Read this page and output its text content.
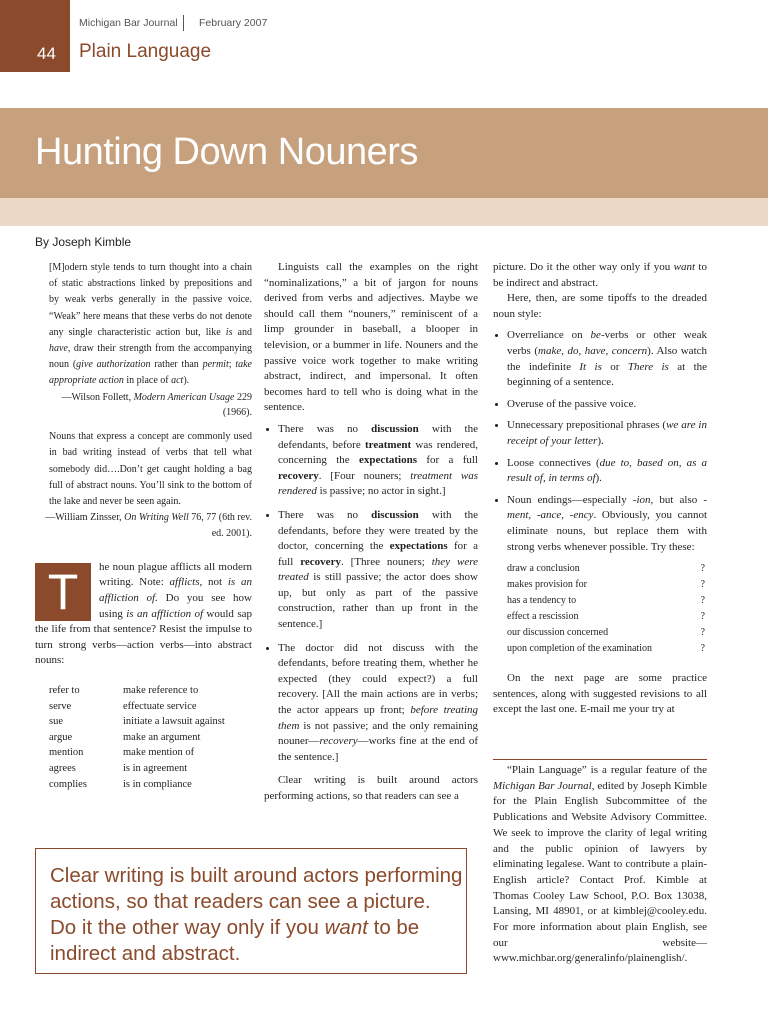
44
Michigan Bar Journal February 2007
Plain Language
Hunting Down Nouners
By Joseph Kimble

[M]odern style tends to turn thought into a chain of static abstractions linked by prepositions and by weak verbs generally in the passive voice. “Weak” here means that these verbs do not denote any single characteristic action but, like is and have, draw their strength from the accompanying noun (give authorization rather than permit; take appropriate action in place of act).

—Wilson Follett, Modern American Usage 229 (1966).

Nouns that express a concept are commonly used in bad writing instead of verbs that tell what somebody did….Don’t get caught holding a bag full of abstract nouns. You’ll sink to the bottom of the lake and never be seen again.

—William Zinsser, On Writing Well 76, 77 (6th rev. ed. 2001).

T	he noun plague afflicts all modern writing. Note: afflicts, not is an affliction of. Do you see how using is an affliction of would sap the life from that sentence? Resist the impulse to turn strong verbs—action verbs—into abstract nouns:
refer to	make reference to
serve	effectuate service
sue	initiate a lawsuit against
argue	make an argument
mention	make mention of
agrees	is in agreement
complies	is in compliance

Linguists call the examples on the right “nominalizations,” a bit of jargon for nouns derived from verbs and adjectives. Maybe we should call them “nouners,” reminiscent of a limp grounder in baseball, a blooper in television, or a bummer in life. Nouners and the passive voice work together to make writing abstract, indirect, and impersonal. It often becomes hard to tell who is doing what in the sentence.

• There was no discussion with the defendants, before treatment was rendered, concerning the expectations for a full recovery. [Four nouners; treatment was rendered is passive; no actor in sight.]
• There was no discussion with the defendants, before they were treated by the doctor, concerning the expectations for a full recovery. [Three nouners; they were treated is still passive; the actor does show up, but only as part of the passive construction, rather than up front in the sentence.]
• The doctor did not discuss with the defendants, before treating them, whether he expected (they could expect?) a full recovery. [All the main actions are in verbs; the actor appears up front; before treating them is not passive; and the only remaining nouner—recovery—works fine at the end of the sentence.]

Clear writing is built around actors performing actions, so that readers can see a

picture. Do it the other way only if you want to be indirect and abstract.

Here, then, are some tipoffs to the dreaded noun style:

• Overreliance on be-verbs or other weak verbs (make, do, have, concern). Also watch the indefinite It is or There is at the beginning of a sentence.
• Overuse of the passive voice.
• Unnecessary prepositional phrases (we are in receipt of your letter).
• Loose connectives (due to, based on, as a result of, in terms of).
• Noun endings—especially -ion, but also -ment, -ance, -ency. Obviously, you cannot eliminate nouns, but replace them with strong verbs whenever possible. Try these:
draw a conclusion	?
makes provision for	?
has a tendency to	?
effect a rescission	?
our discussion concerned	?
upon completion of the examination	?

On the next page are some practice sentences, along with suggested revisions to all except the last one. E-mail me your try at

“Plain Language” is a regular feature of the Michigan Bar Journal, edited by Joseph Kimble for the Plain English Subcommittee of the Publications and Website Advisory Committee. We seek to improve the clarity of legal writing and the public opinion of lawyers by eliminating legalese. Want to contribute a plain-English article? Contact Prof. Kimble at Thomas Cooley Law School, P.O. Box 13038, Lansing, MI 48901, or at kimblej@cooley.edu. For more information about plain English, see our website—www.michbar.org/generalinfo/plainenglish/.

Clear writing is built around actors performing actions, so that readers can see a picture.
Do it the other way only if you want to be indirect and abstract.
